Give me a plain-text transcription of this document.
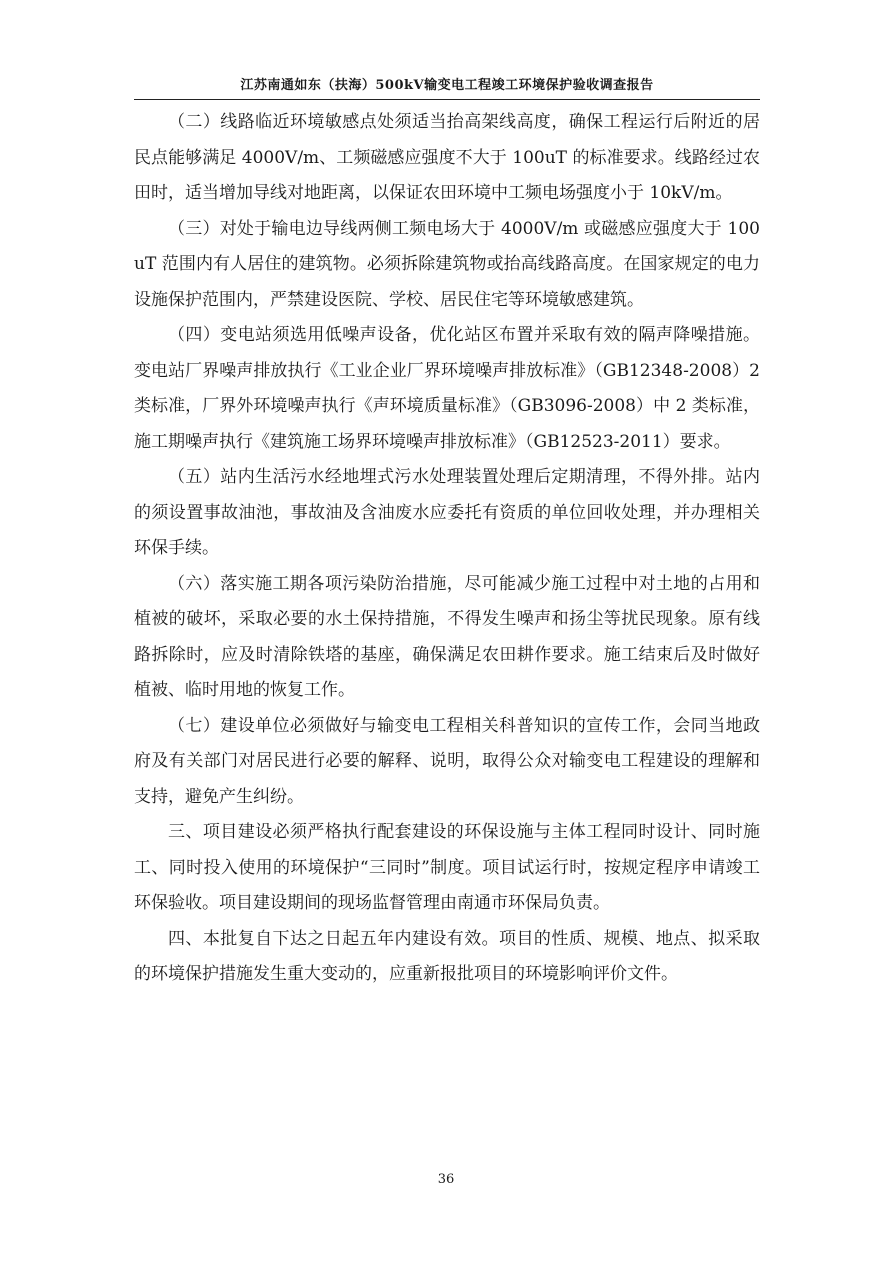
江苏南通如东（扶海）500kV输变电工程竣工环境保护验收调查报告

（二）线路临近环境敏感点处须适当抬高架线高度，确保工程运行后附近的居民点能够满足 4000V/m、工频磁感应强度不大于 100uT 的标准要求。线路经过农田时，适当增加导线对地距离，以保证农田环境中工频电场强度小于 10kV/m。

（三）对处于输电边导线两侧工频电场大于 4000V/m 或磁感应强度大于 100uT 范围内有人居住的建筑物。必须拆除建筑物或抬高线路高度。在国家规定的电力设施保护范围内，严禁建设医院、学校、居民住宅等环境敏感建筑。

（四）变电站须选用低噪声设备，优化站区布置并采取有效的隔声降噪措施。变电站厂界噪声排放执行《工业企业厂界环境噪声排放标准》（GB12348-2008）2 类标准，厂界外环境噪声执行《声环境质量标准》（GB3096-2008）中 2 类标准，施工期噪声执行《建筑施工场界环境噪声排放标准》（GB12523-2011）要求。

（五）站内生活污水经地埋式污水处理装置处理后定期清理，不得外排。站内的须设置事故油池，事故油及含油废水应委托有资质的单位回收处理，并办理相关环保手续。

（六）落实施工期各项污染防治措施，尽可能减少施工过程中对土地的占用和植被的破坏，采取必要的水土保持措施，不得发生噪声和扬尘等扰民现象。原有线路拆除时，应及时清除铁塔的基座，确保满足农田耕作要求。施工结束后及时做好植被、临时用地的恢复工作。

（七）建设单位必须做好与输变电工程相关科普知识的宣传工作，会同当地政府及有关部门对居民进行必要的解释、说明，取得公众对输变电工程建设的理解和支持，避免产生纠纷。

三、项目建设必须严格执行配套建设的环保设施与主体工程同时设计、同时施工、同时投入使用的环境保护“三同时”制度。项目试运行时，按规定程序申请竣工环保验收。项目建设期间的现场监督管理由南通市环保局负责。

四、本批复自下达之日起五年内建设有效。项目的性质、规模、地点、拟采取的环境保护措施发生重大变动的，应重新报批项目的环境影响评价文件。

36
